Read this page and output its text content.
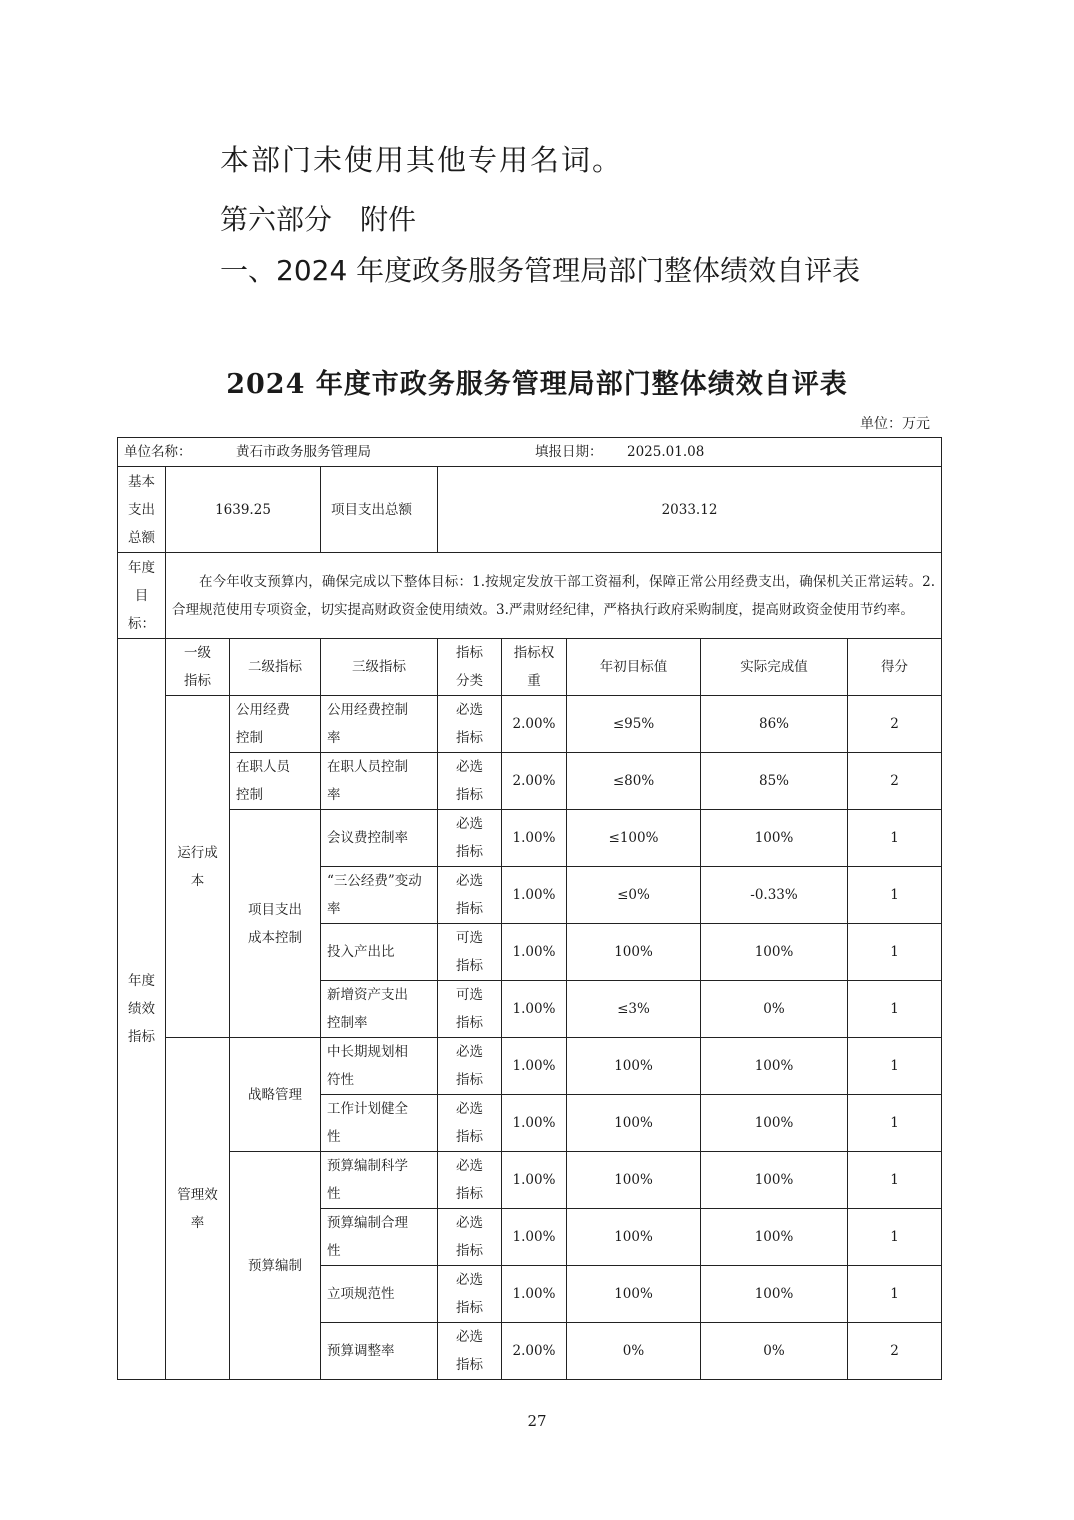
本部门未使用其他专用名词。
第六部分　附件
一、2024 年度政务服务管理局部门整体绩效自评表
2024 年度市政务服务管理局部门整体绩效自评表
单位：万元
单位名称： 黄石市政务服务管理局 填报日期： 2025.01.08								

基本支出总额	1639.25		项目支出总额	2033.12				

年度目标：	在今年收支预算内，确保完成以下整体目标：1.按规定发放干部工资福利，保障正常公用经费支出，确保机关正常运转。2.合理规范使用专项资金，切实提高财政资金使用绩效。3.严肃财经纪律，严格执行政府采购制度，提高财政资金使用节约率。							

年度绩效指标	一级指标	二级指标	三级指标	指标分类	指标权重	年初目标值	实际完成值	得分

	运行成本	公用经费控制	公用经费控制率	必选指标	2.00%	≤95%	86%	2

		在职人员控制	在职人员控制率	必选指标	2.00%	≤80%	85%	2

		项目支出成本控制	会议费控制率	必选指标	1.00%	≤100%	100%	1

			“三公经费”变动率	必选指标	1.00%	≤0%	-0.33%	1

			投入产出比	可选指标	1.00%	100%	100%	1

			新增资产支出控制率	可选指标	1.00%	≤3%	0%	1

	管理效率	战略管理	中长期规划相符性	必选指标	1.00%	100%	100%	1

			工作计划健全性	必选指标	1.00%	100%	100%	1
		预算编制	预算编制科学性	必选指标	1.00%	100%	100%	1

			预算编制合理性	必选指标	1.00%	100%	100%	1

			立项规范性	必选指标	1.00%	100%	100%	1

			预算调整率	必选指标	2.00%	0%	0%	2
27
